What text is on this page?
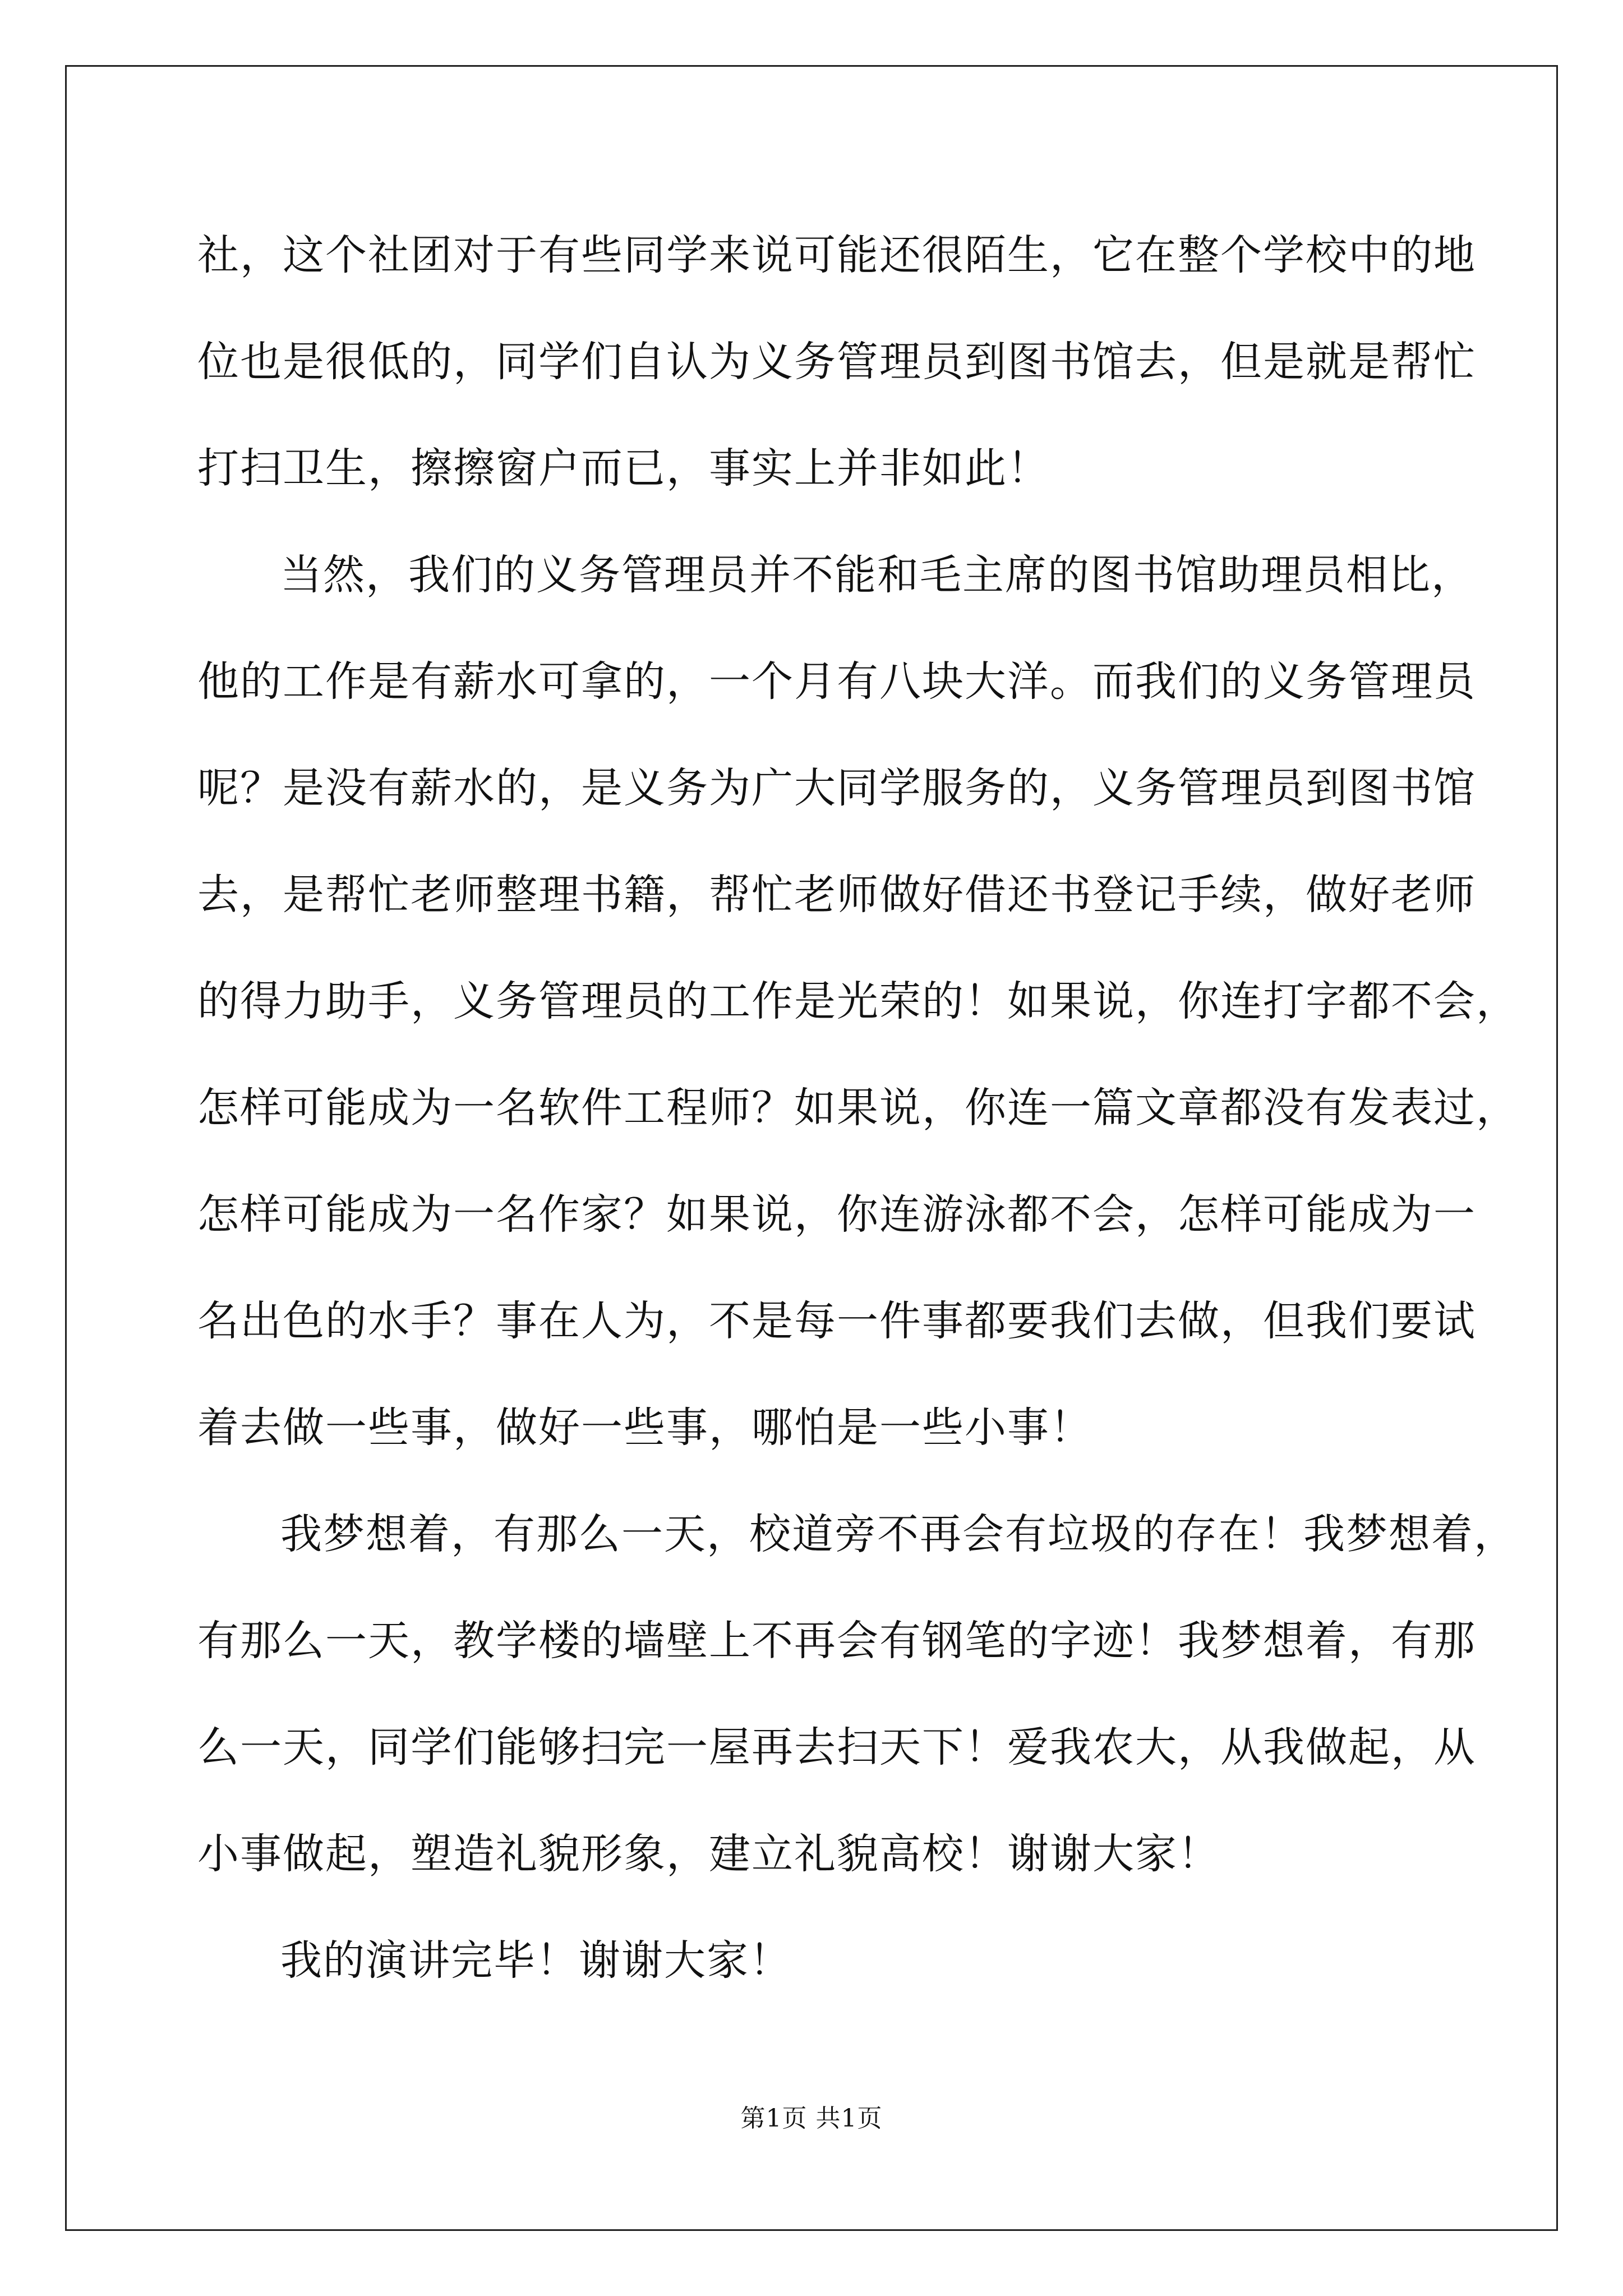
社，这个社团对于有些同学来说可能还很陌生，它在整个学校中的地
位也是很低的，同学们自认为义务管理员到图书馆去，但是就是帮忙
打扫卫生，擦擦窗户而已，事实上并非如此！
当然，我们的义务管理员并不能和毛主席的图书馆助理员相比，
他的工作是有薪水可拿的，一个月有八块大洋。而我们的义务管理员
呢？是没有薪水的，是义务为广大同学服务的，义务管理员到图书馆
去，是帮忙老师整理书籍，帮忙老师做好借还书登记手续，做好老师
的得力助手，义务管理员的工作是光荣的！如果说，你连打字都不会，
怎样可能成为一名软件工程师？如果说，你连一篇文章都没有发表过，
怎样可能成为一名作家？如果说，你连游泳都不会，怎样可能成为一
名出色的水手？事在人为，不是每一件事都要我们去做，但我们要试
着去做一些事，做好一些事，哪怕是一些小事！
我梦想着，有那么一天，校道旁不再会有垃圾的存在！我梦想着，
有那么一天，教学楼的墙壁上不再会有钢笔的字迹！我梦想着，有那
么一天，同学们能够扫完一屋再去扫天下！爱我农大，从我做起，从
小事做起，塑造礼貌形象，建立礼貌高校！谢谢大家！
我的演讲完毕！谢谢大家！
第1页 共1页
